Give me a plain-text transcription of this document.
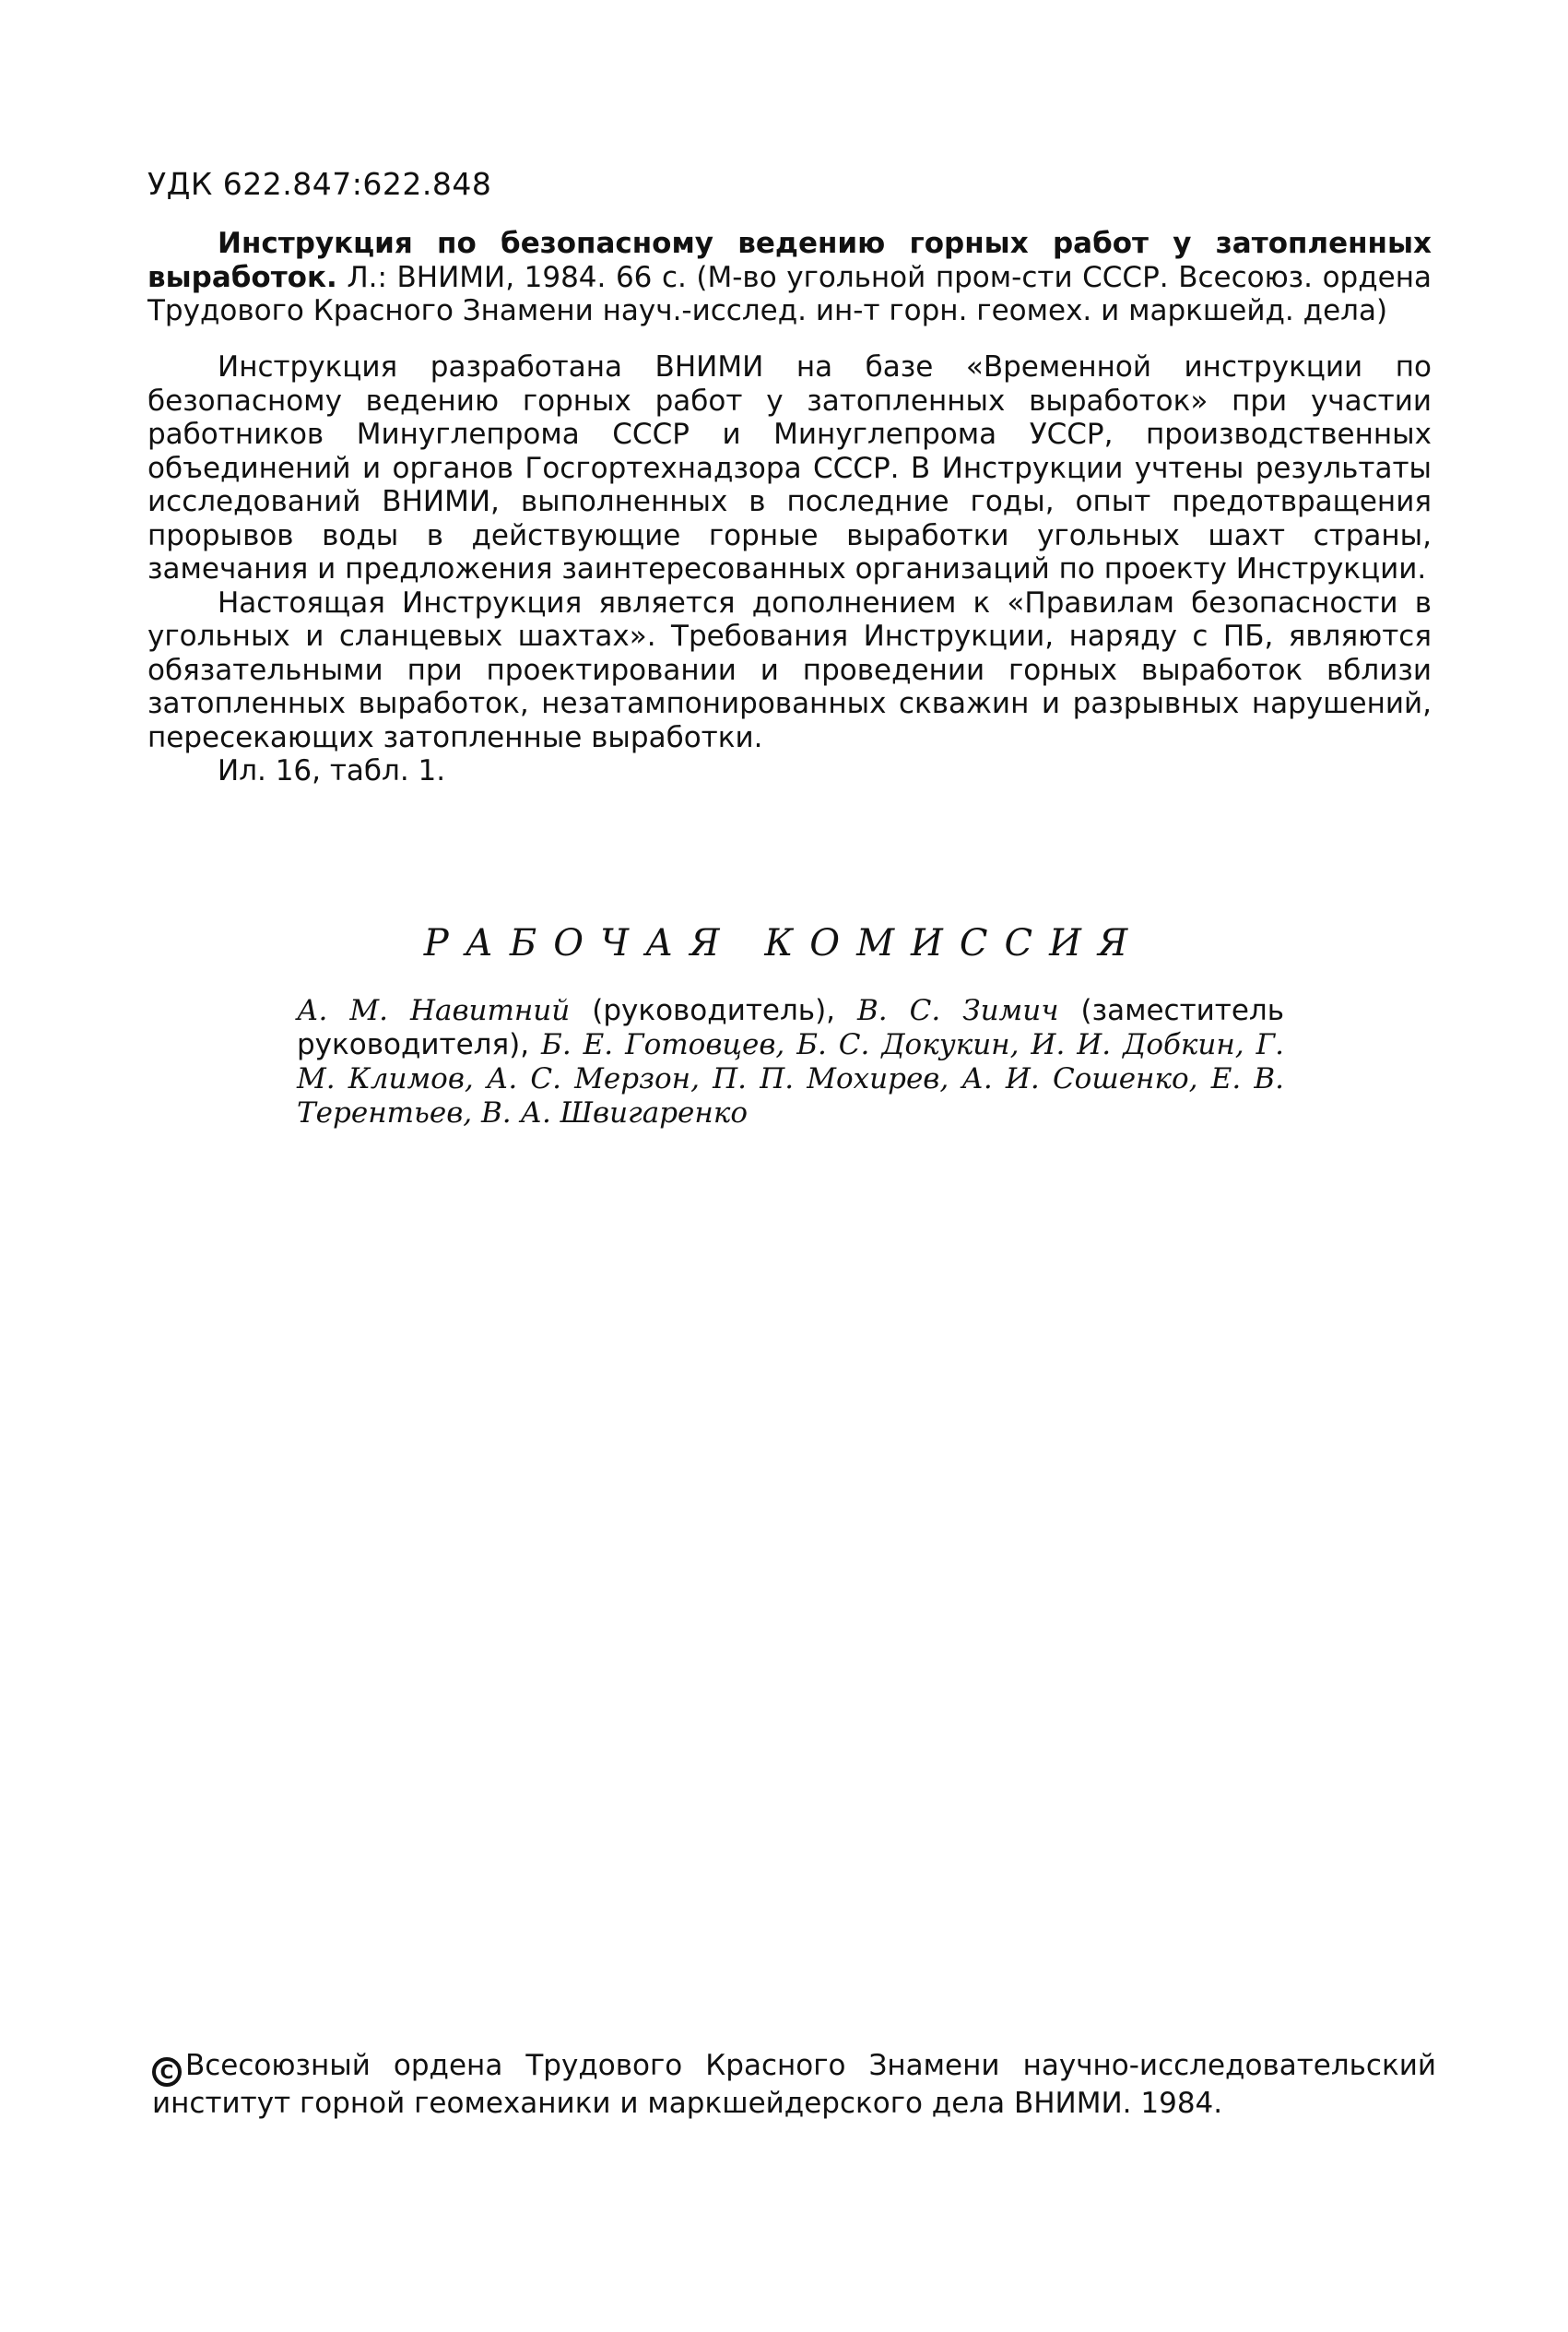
УДК 622.847:622.848

Инструкция по безопасному ведению горных работ у затопленных выработок. Л.: ВНИМИ, 1984. 66 с. (М-во угольной пром-сти СССР. Всесоюз. ордена Трудового Красного Знамени науч.-исслед. ин-т горн. геомех. и маркшейд. дела)

Инструкция разработана ВНИМИ на базе «Временной инструкции по безопасному ведению горных работ у затопленных выработок» при участии работников Минуглепрома СССР и Минуглепрома УССР, производственных объединений и органов Госгортехнадзора СССР. В Инструкции учтены результаты исследований ВНИМИ, выполненных в последние годы, опыт предотвращения прорывов воды в действующие горные выработки угольных шахт страны, замечания и предложения заинтересованных организаций по проекту Инструкции.

Настоящая Инструкция является дополнением к «Правилам безопасности в угольных и сланцевых шахтах». Требования Инструкции, наряду с ПБ, являются обязательными при проектировании и проведении горных выработок вблизи затопленных выработок, незатампонированных скважин и разрывных нарушений, пересекающих затопленные выработки.

Ил. 16, табл. 1.

РАБОЧАЯ КОМИССИЯ
А. М. Навитний (руководитель), В. С. Зимич (заместитель руководителя), Б. Е. Готовцев, Б. С. Докукин, И. И. Добкин, Г. М. Климов, А. С. Мерзон, П. П. Мохирев, А. И. Сошенко, Е. В. Терентьев, В. А. Швигаренко
C Всесоюзный ордена Трудового Красного Знамени научно-исследовательский институт горной геомеханики и маркшейдерского дела ВНИМИ. 1984.
